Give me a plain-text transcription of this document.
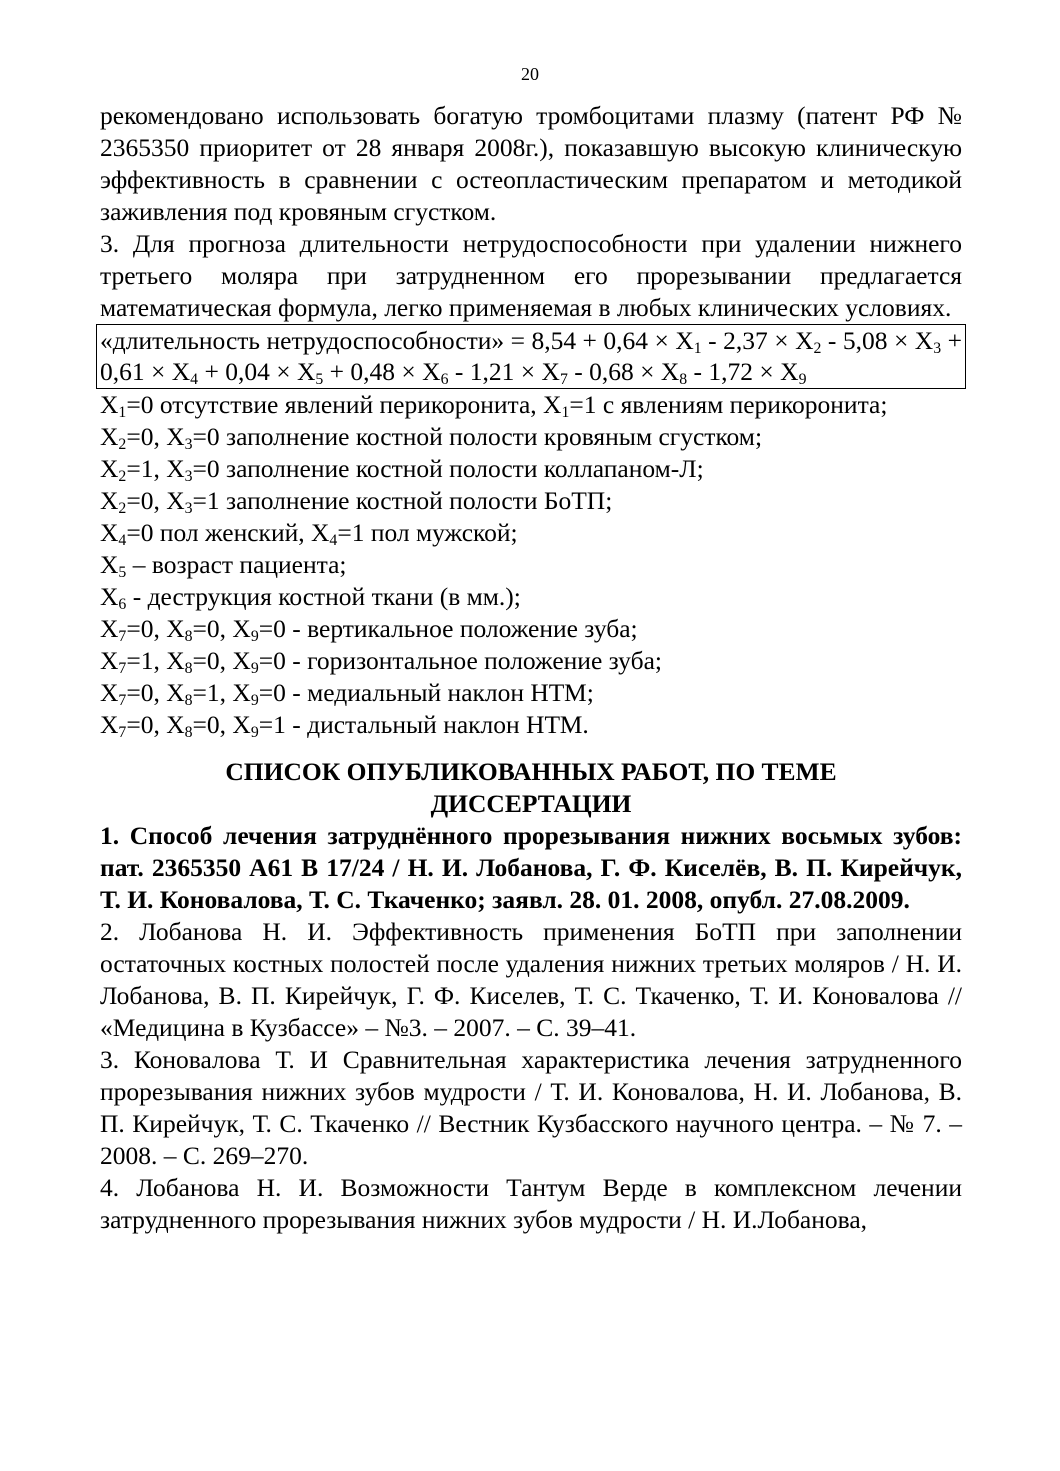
20

рекомендовано использовать богатую тромбоцитами плазму (патент РФ № 2365350 приоритет от 28 января 2008г.), показавшую высокую клиническую эффективность в сравнении с остеопластическим препаратом и методикой заживления под кровяным сгустком.

3. Для прогноза длительности нетрудоспособности при удалении нижнего третьего моляра при затрудненном его прорезывании предлагается математическая формула, легко применяемая в любых клинических условиях.

«длительность нетрудоспособности» = $8,54 + 0,64 \times X_1 - 2,37 \times X_2 - 5,08 \times X_3 + 0,61 \times X_4 + 0,04 \times X_5 + 0,48 \times X_6 - 1,21 \times X_7 - 0,68 \times X_8 - 1,72 \times X_9$

$X_1=0$ отсутствие явлений перикоронита, $X_1=1$ с явлениям перикоронита;

$X_2=0$, $X_3=0$ заполнение костной полости кровяным сгустком;

$X_2=1$, $X_3=0$ заполнение костной полости коллапаном-Л;

$X_2=0$, $X_3=1$ заполнение костной полости БоТП;

$X_4=0$ пол женский, $X_4=1$ пол мужской;

$X_5$ – возраст пациента;

$X_6$ - деструкция костной ткани (в мм.);

$X_7=0$, $X_8=0$, $X_9=0$ - вертикальное положение зуба;

$X_7=1$, $X_8=0$, $X_9=0$ - горизонтальное положение зуба;

$X_7=0$, $X_8=1$, $X_9=0$ - медиальный наклон НТМ;

$X_7=0$, $X_8=0$, $X_9=1$ - дистальный наклон НТМ.

СПИСОК ОПУБЛИКОВАННЫХ РАБОТ, ПО ТЕМЕ
ДИССЕРТАЦИИ

1. Способ лечения затруднённого прорезывания нижних восьмых зубов: пат. 2365350 A61 B 17/24 / Н. И. Лобанова, Г. Ф. Киселёв, В. П. Кирейчук, Т. И. Коновалова, Т. С. Ткаченко; заявл. 28. 01. 2008, опубл. 27.08.2009.

2. Лобанова Н. И. Эффективность применения БоТП при заполнении остаточных костных полостей после удаления нижних третьих моляров / Н. И. Лобанова, В. П. Кирейчук, Г. Ф. Киселев, Т. С. Ткаченко, Т. И. Коновалова // «Медицина в Кузбассе» – №3. – 2007. – С. 39–41.

3. Коновалова Т. И Сравнительная характеристика лечения затрудненного прорезывания нижних зубов мудрости / Т. И. Коновалова, Н. И. Лобанова, В. П. Кирейчук, Т. С. Ткаченко // Вестник Кузбасского научного центра. – № 7. – 2008. – С. 269–270.

4. Лобанова Н. И. Возможности Тантум Верде в комплексном лечении затрудненного прорезывания нижних зубов мудрости / Н. И.Лобанова,
